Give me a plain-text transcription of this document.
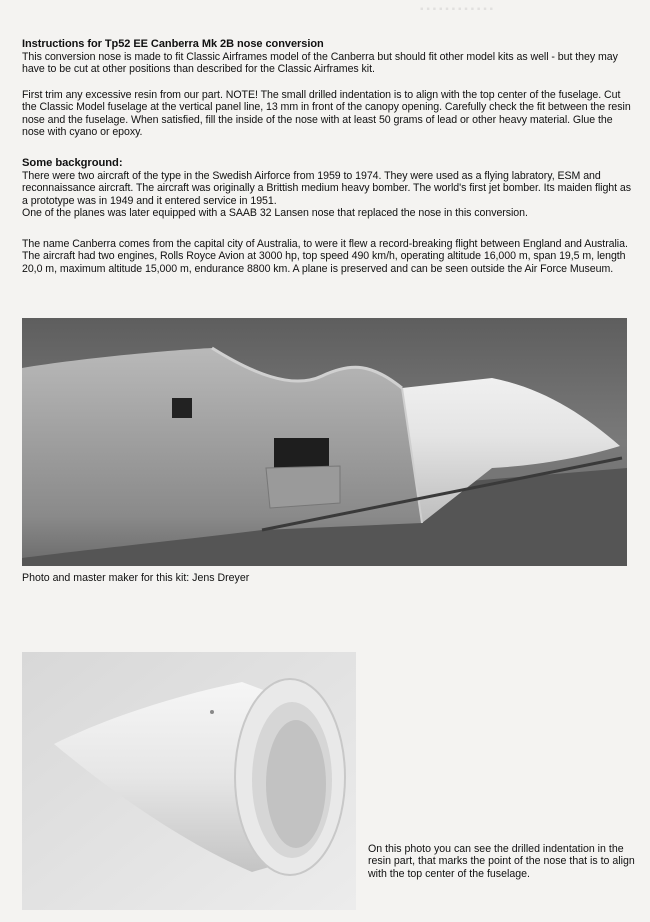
▪ ▪ ▪ ▪ ▪ ▪ ▪ ▪ ▪ ▪ ▪ ▪
Instructions for Tp52 EE Canberra Mk 2B nose conversion
This conversion nose is made to fit Classic Airframes model of the Canberra but should fit other model kits as well - but they may have to be cut at other positions than described for the Classic Airframes kit.
First trim any excessive resin from our part. NOTE! The small drilled indentation is to align with the top center of the fuselage. Cut the Classic Model fuselage at the vertical panel line, 13 mm in front of the canopy opening. Carefully check the fit between the resin nose and the fuselage. When satisfied, fill the inside of the nose with at least 50 grams of lead or other heavy material. Glue the nose with cyano or epoxy.
Some background:
There were two aircraft of the type in the Swedish Airforce from 1959 to 1974. They were used as a flying labratory, ESM and reconnaissance aircraft. The aircraft was originally a Brittish medium heavy bomber. The world's first jet bomber. Its maiden flight as a prototype was in 1949 and it entered service in 1951.
One of the planes was later equipped with a SAAB 32 Lansen nose that replaced the nose in this conversion.
The name Canberra comes from the capital city of Australia, to were it flew a record-breaking flight between England and Australia. The aircraft had two engines, Rolls Royce Avion at 3000 hp, top speed 490 km/h, operating altitude 16,000 m, span 19,5 m, length 20,0 m, maximum altitude 15,000 m, endurance 8800 km. A plane is preserved and can be seen outside the Air Force Museum.
Photo and master maker for this kit: Jens Dreyer
On this photo you can see the drilled indentation in the resin part, that marks the point of the nose that is to align with the top center of the fuselage.
